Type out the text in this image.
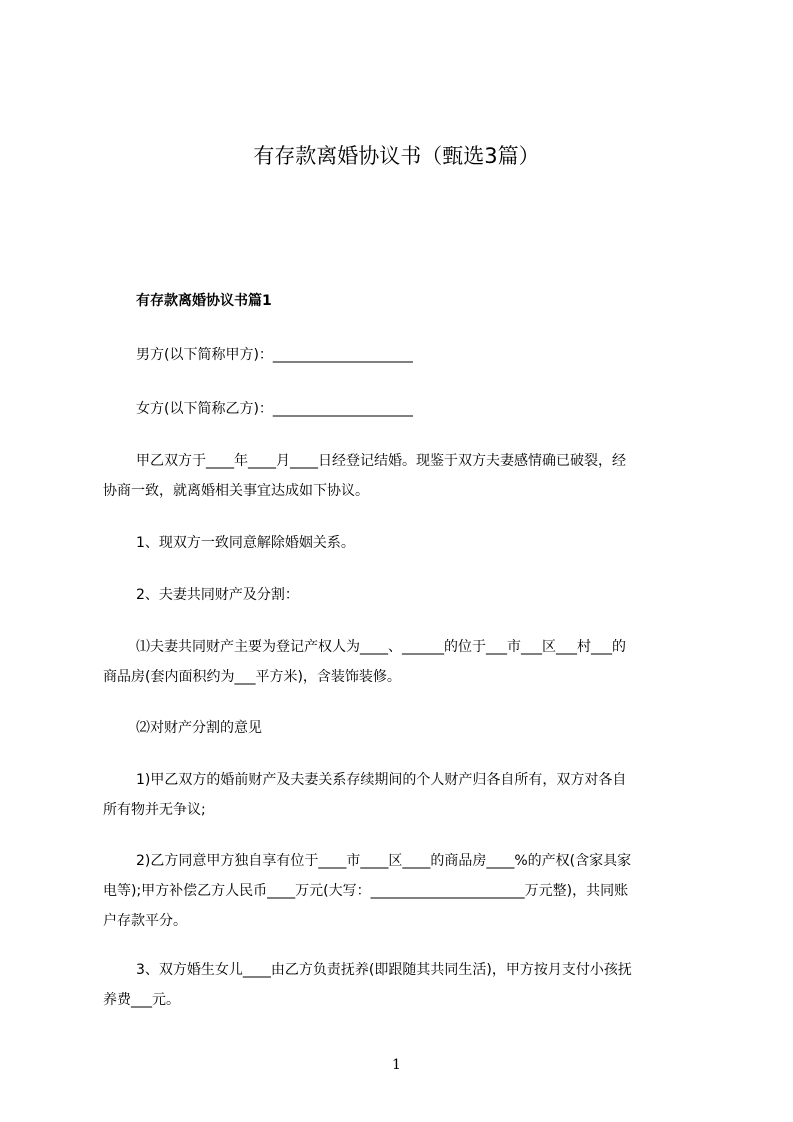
有存款离婚协议书（甄选3篇）
有存款离婚协议书篇1

男方(以下简称甲方)：____________________

女方(以下简称乙方)：____________________

甲乙双方于____年____月____日经登记结婚。现鉴于双方夫妻感情确已破裂，经
协商一致，就离婚相关事宜达成如下协议。

1、现双方一致同意解除婚姻关系。

2、夫妻共同财产及分割：

⑴夫妻共同财产主要为登记产权人为____、______的位于___市___区___村___的
商品房(套内面积约为___平方米)，含装饰装修。

⑵对财产分割的意见

1)甲乙双方的婚前财产及夫妻关系存续期间的个人财产归各自所有，双方对各自
所有物并无争议;

2)乙方同意甲方独自享有位于____市____区____的商品房____%的产权(含家具家
电等);甲方补偿乙方人民币____万元(大写：______________________万元整)，共同账
户存款平分。

3、双方婚生女儿____由乙方负责抚养(即跟随其共同生活)，甲方按月支付小孩抚
养费___元。

1
